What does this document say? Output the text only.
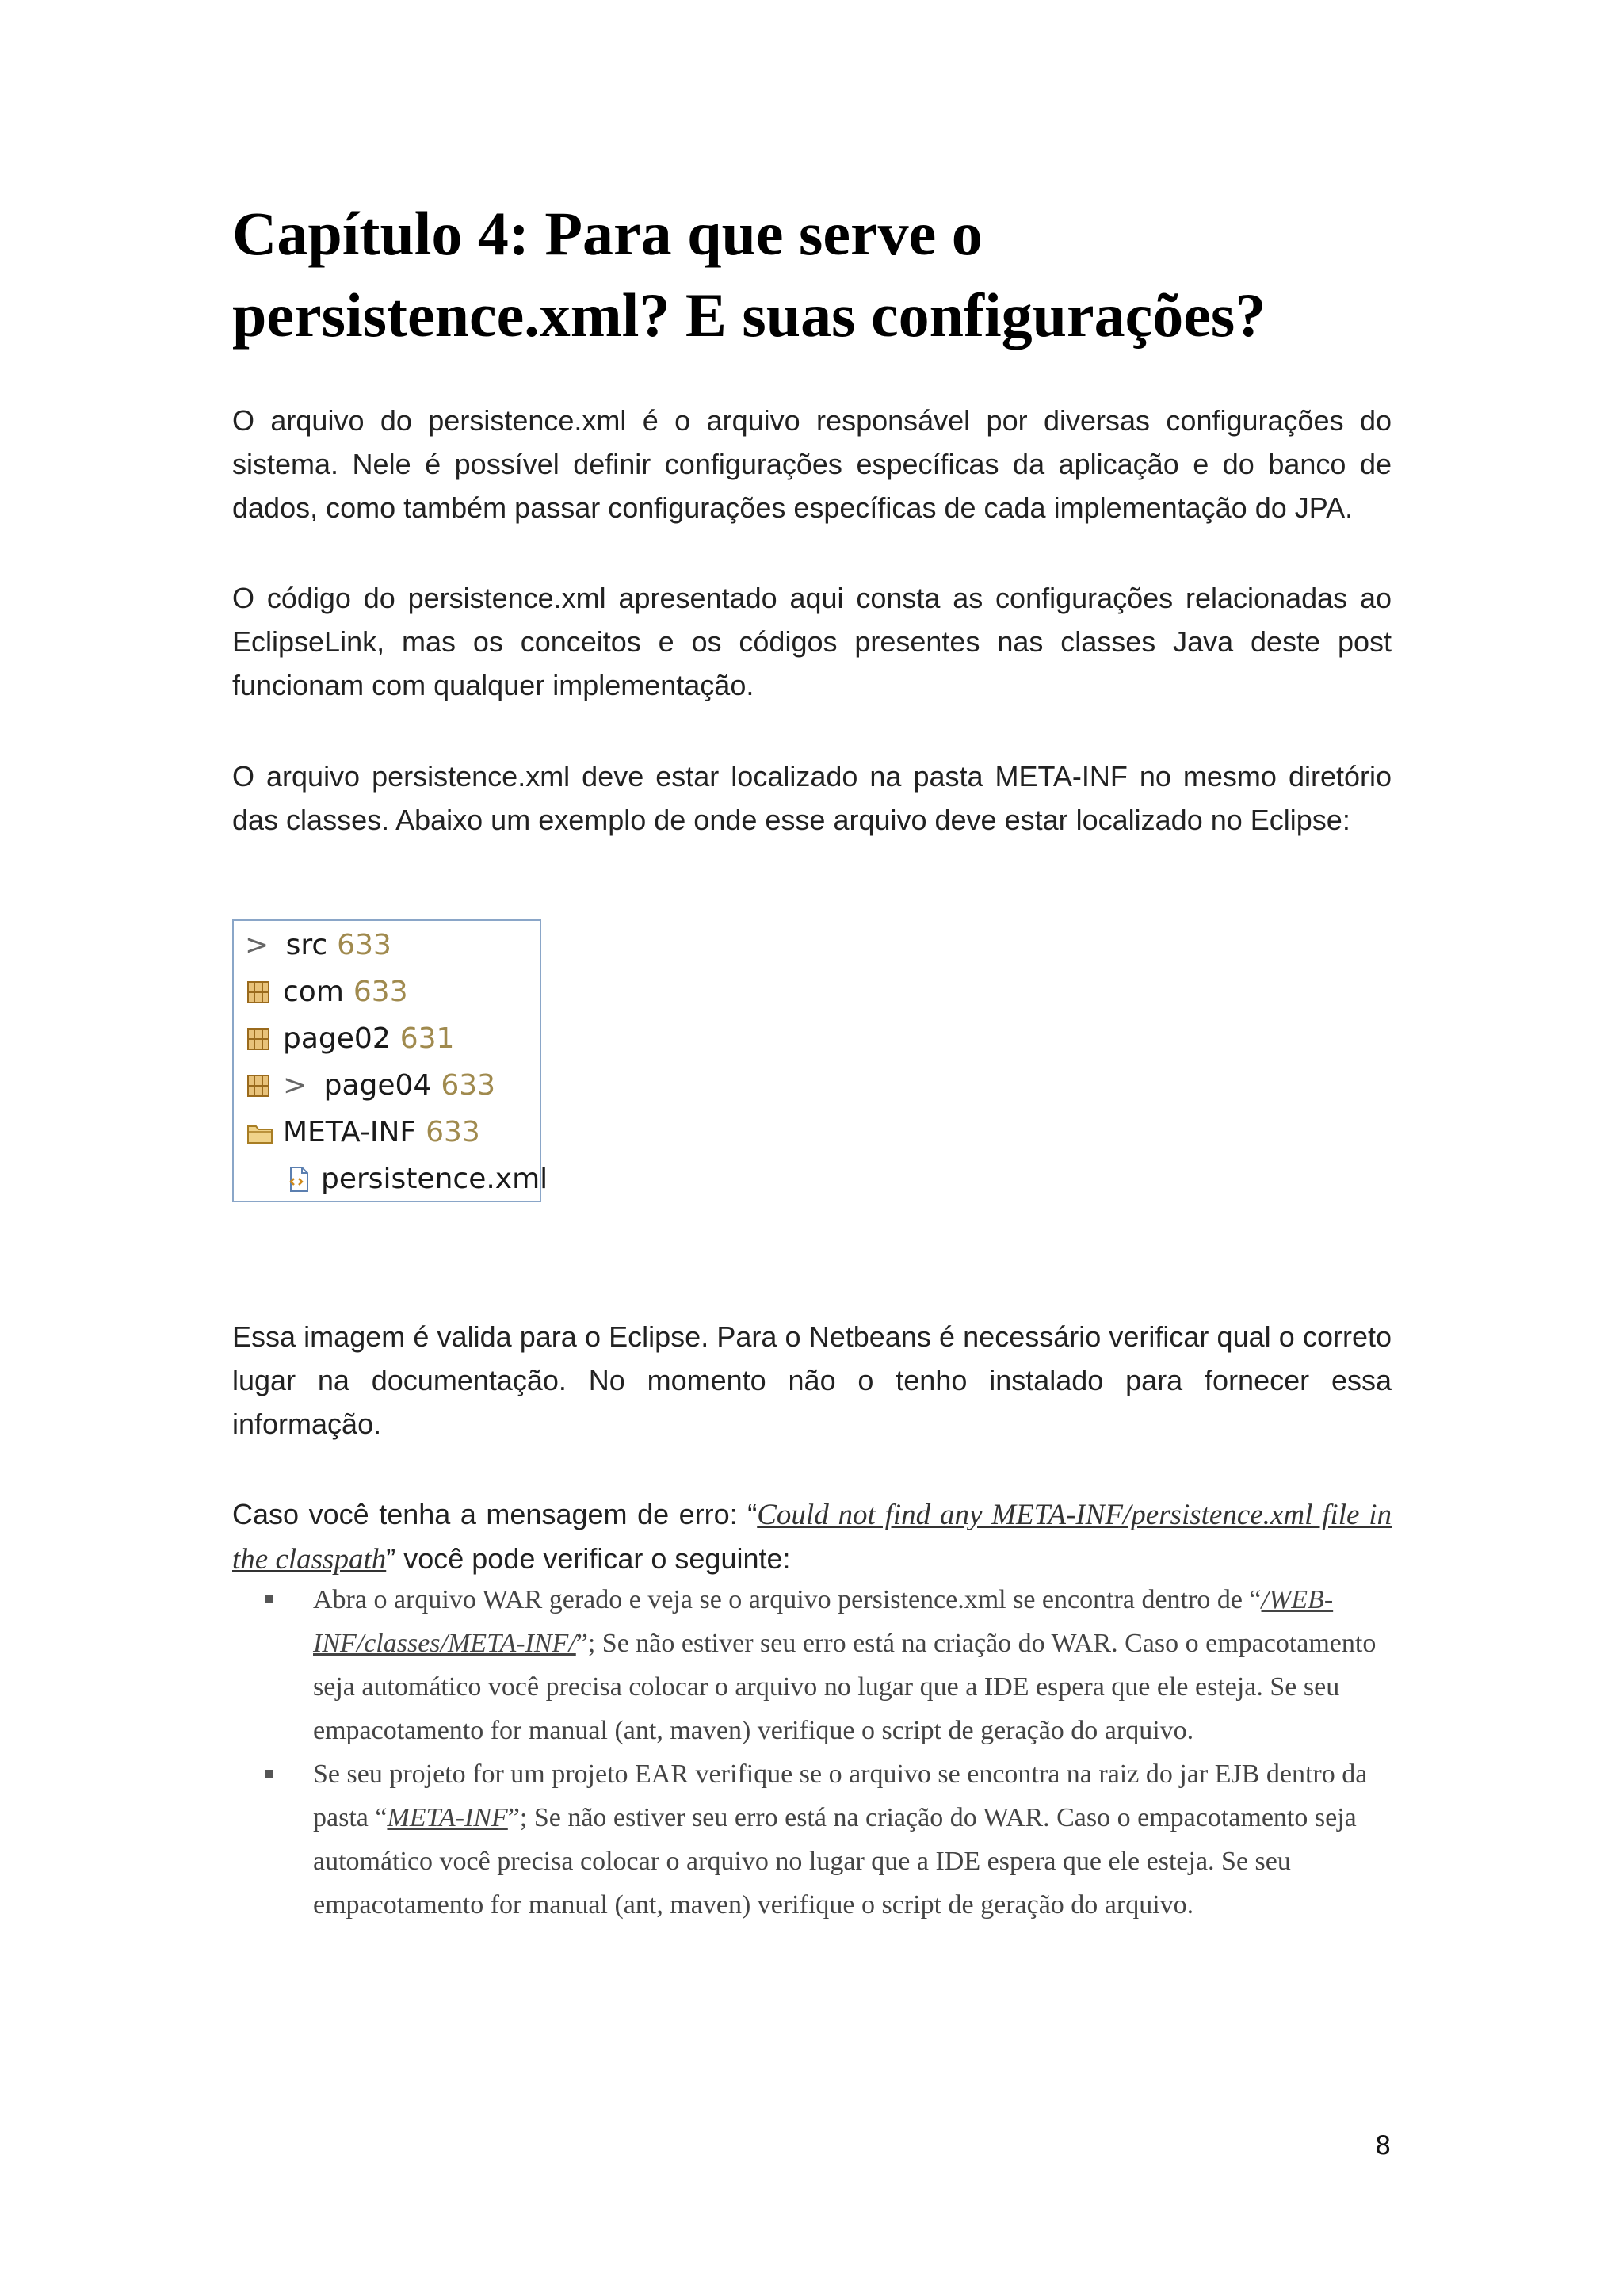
Capítulo 4: Para que serve o persistence.xml? E suas configurações?

O arquivo do persistence.xml é o arquivo responsável por diversas configurações do sistema. Nele é possível definir configurações específicas da aplicação e do banco de dados, como também passar configurações específicas de cada implementação do JPA.

O código do persistence.xml apresentado aqui consta as configurações relacionadas ao EclipseLink, mas os conceitos e os códigos presentes nas classes Java deste post funcionam com qualquer implementação.

O arquivo persistence.xml deve estar localizado na pasta META-INF no mesmo diretório das classes. Abaixo um exemplo de onde esse arquivo deve estar localizado no Eclipse:

> src 633
com 633
page02 631
> page04 633
META-INF 633
persistence.xml

Essa imagem é valida para o Eclipse. Para o Netbeans é necessário verificar qual o correto lugar na documentação. No momento não o tenho instalado para fornecer essa informação.

Caso você tenha a mensagem de erro: “Could not find any META-INF/persistence.xml file in the classpath” você pode verificar o seguinte:

Abra o arquivo WAR gerado e veja se o arquivo persistence.xml se encontra dentro de “/WEB-INF/classes/META-INF/”; Se não estiver seu erro está na criação do WAR. Caso o empacotamento seja automático você precisa colocar o arquivo no lugar que a IDE espera que ele esteja. Se seu empacotamento for manual (ant, maven) verifique o script de geração do arquivo.
Se seu projeto for um projeto EAR verifique se o arquivo se encontra na raiz do jar EJB dentro da pasta “META-INF”; Se não estiver seu erro está na criação do WAR. Caso o empacotamento seja automático você precisa colocar o arquivo no lugar que a IDE espera que ele esteja. Se seu empacotamento for manual (ant, maven) verifique o script de geração do arquivo.
8
